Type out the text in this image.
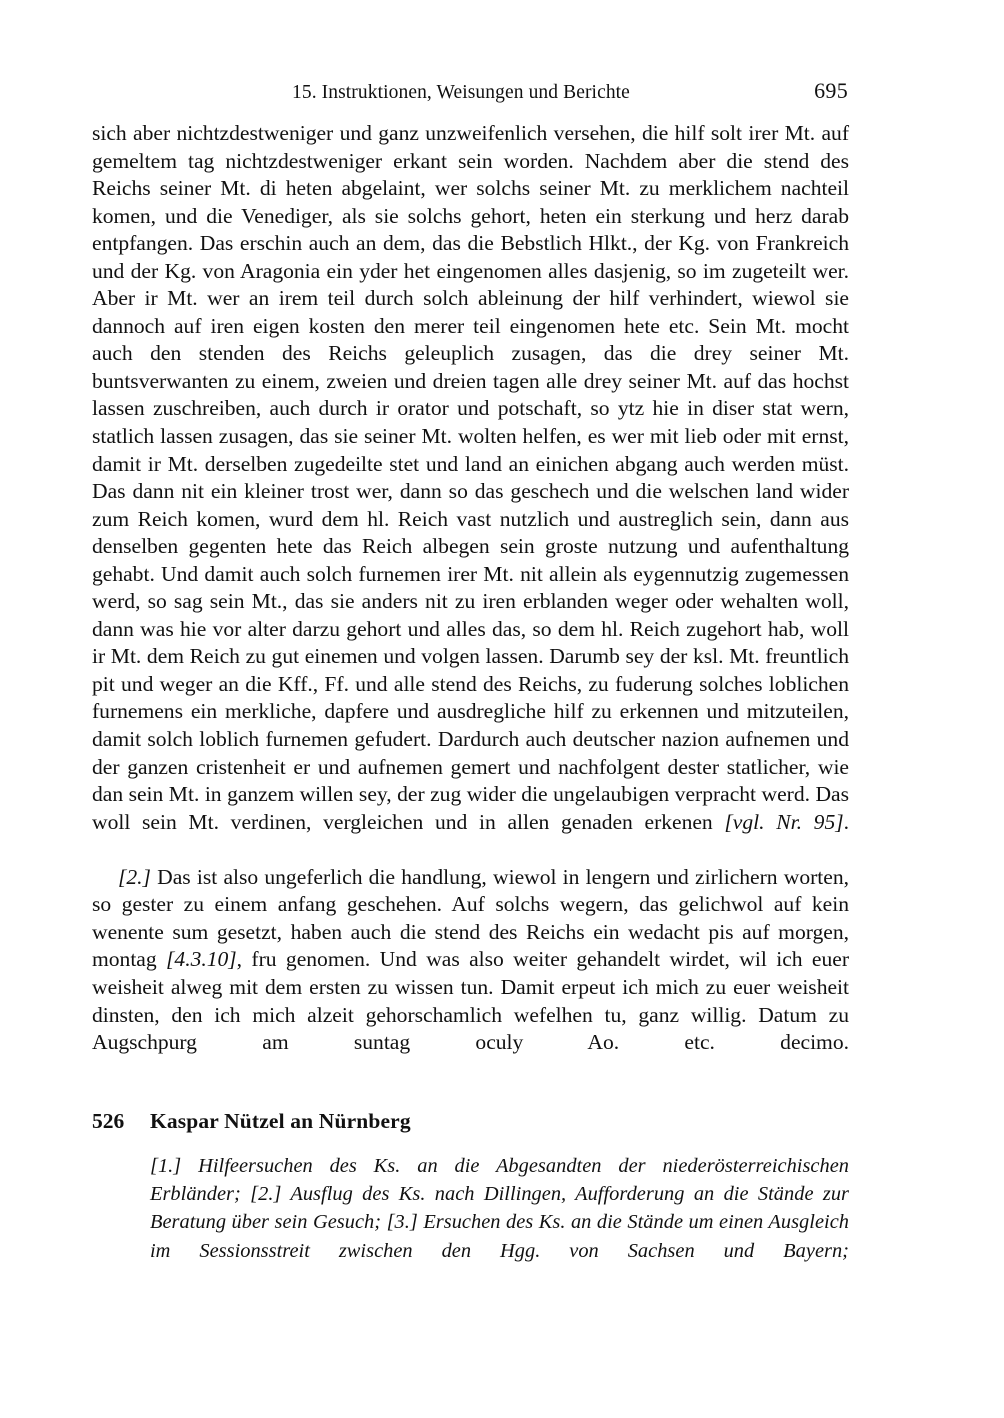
15. Instruktionen, Weisungen und Berichte	695

sich aber nichtzdestweniger und ganz unzweifenlich versehen, die hilf solt irer Mt. auf gemeltem tag nichtzdestweniger erkant sein worden. Nachdem aber die stend des Reichs seiner Mt. di heten abgelaint, wer solchs seiner Mt. zu merklichem nachteil komen, und die Venediger, als sie solchs gehort, heten ein sterkung und herz darab entpfangen. Das erschin auch an dem, das die Bebstlich Hlkt., der Kg. von Frankreich und der Kg. von Aragonia ein yder het eingenomen alles dasjenig, so im zugeteilt wer. Aber ir Mt. wer an irem teil durch solch ableinung der hilf verhindert, wiewol sie dannoch auf iren eigen kosten den merer teil eingenomen hete etc. Sein Mt. mocht auch den stenden des Reichs geleuplich zusagen, das die drey seiner Mt. buntsverwanten zu einem, zweien und dreien tagen alle drey seiner Mt. auf das hochst lassen zuschreiben, auch durch ir orator und potschaft, so ytz hie in diser stat wern, statlich lassen zusagen, das sie seiner Mt. wolten helfen, es wer mit lieb oder mit ernst, damit ir Mt. derselben zugedeilte stet und land an einichen abgang auch werden müst. Das dann nit ein kleiner trost wer, dann so das geschech und die welschen land wider zum Reich komen, wurd dem hl. Reich vast nutzlich und austreglich sein, dann aus denselben gegenten hete das Reich albegen sein groste nutzung und aufenthaltung gehabt. Und damit auch solch furnemen irer Mt. nit allein als eygennutzig zugemessen werd, so sag sein Mt., das sie anders nit zu iren erblanden weger oder wehalten woll, dann was hie vor alter darzu gehort und alles das, so dem hl. Reich zugehort hab, woll ir Mt. dem Reich zu gut einemen und volgen lassen. Darumb sey der ksl. Mt. freuntlich pit und weger an die Kff., Ff. und alle stend des Reichs, zu fuderung solches loblichen furnemens ein merkliche, dapfere und ausdregliche hilf zu erkennen und mitzuteilen, damit solch loblich furnemen gefudert. Dardurch auch deutscher nazion aufnemen und der ganzen cristenheit er und aufnemen gemert und nachfolgent dester statlicher, wie dan sein Mt. in ganzem willen sey, der zug wider die ungelaubigen verpracht werd. Das woll sein Mt. verdinen, vergleichen und in allen genaden erkenen [vgl. Nr. 95].

[2.] Das ist also ungeferlich die handlung, wiewol in lengern und zirlichern worten, so gester zu einem anfang geschehen. Auf solchs wegern, das gelichwol auf kein wenente sum gesetzt, haben auch die stend des Reichs ein wedacht pis auf morgen, montag [4.3.10], fru genomen. Und was also weiter gehandelt wirdet, wil ich euer weisheit alweg mit dem ersten zu wissen tun. Damit erpeut ich mich zu euer weisheit dinsten, den ich mich alzeit gehorschamlich wefelhen tu, ganz willig. Datum zu Augschpurg am suntag oculy Ao. etc. decimo.

526	Kaspar Nützel an Nürnberg

[1.] Hilfeersuchen des Ks. an die Abgesandten der niederösterreichischen Erbländer; [2.] Ausflug des Ks. nach Dillingen, Aufforderung an die Stände zur Beratung über sein Gesuch; [3.] Ersuchen des Ks. an die Stände um einen Ausgleich im Sessionsstreit zwischen den Hgg. von Sachsen und Bayern;
